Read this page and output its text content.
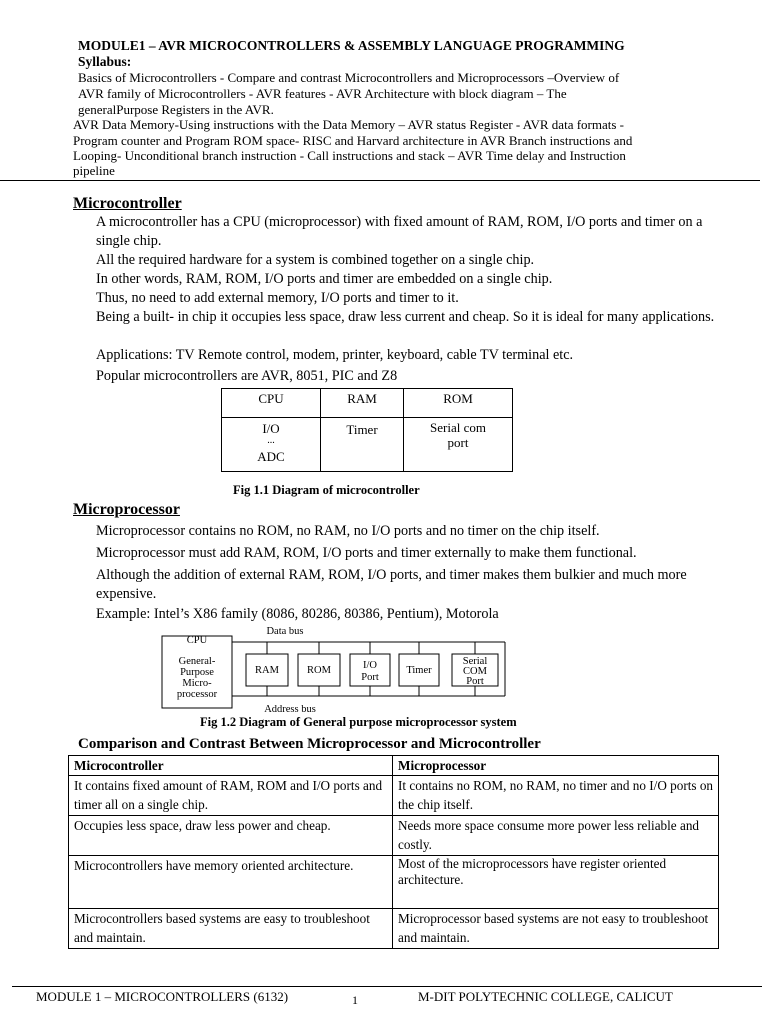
MODULE1 – AVR MICROCONTROLLERS & ASSEMBLY LANGUAGE PROGRAMMING
Syllabus:
Basics of Microcontrollers - Compare and contrast Microcontrollers and Microprocessors –Overview of
AVR family of Microcontrollers - AVR features - AVR Architecture with block diagram – The
generalPurpose Registers in the AVR.
AVR Data Memory-Using instructions with the Data Memory – AVR status Register - AVR data formats -
Program counter and Program ROM space- RISC and Harvard architecture in AVR Branch instructions and
Looping- Unconditional branch instruction - Call instructions and stack – AVR Time delay and Instruction
pipeline
Microcontroller
A microcontroller has a CPU (microprocessor) with fixed amount of RAM, ROM, I/O ports and timer on a single chip.
All the required hardware for a system is combined together on a single chip.
In other words, RAM, ROM, I/O ports and timer are embedded on a single chip.
Thus, no need to add external memory, I/O ports and timer to it.
Being a built- in chip it occupies less space, draw less current and cheap. So it is ideal for many applications.
Applications: TV Remote control, modem, printer, keyboard, cable TV terminal etc.
Popular microcontrollers are AVR, 8051, PIC and Z8
CPU	RAM	ROM

I/O
...
ADC	Timer	Serial com port
Fig 1.1 Diagram of microcontroller
Microprocessor
Microprocessor contains no ROM, no RAM, no I/O ports and no timer on the chip itself.
Microprocessor must add RAM, ROM, I/O ports and timer externally to make them functional.
Although the addition of external RAM, ROM, I/O ports, and timer makes them bulkier and much more expensive.
Example: Intel’s X86 family (8086, 80286, 80386, Pentium), Motorola
CPU
General-
Purpose
Micro-
processor
Data bus
Address bus
RAM	ROM	I/O
Port
Timer
Serial
COM
Port
Fig 1.2 Diagram of General purpose microprocessor system
Comparison and Contrast Between Microprocessor and Microcontroller
Microcontroller	Microprocessor
It contains fixed amount of RAM, ROM and I/O ports and timer all on a single chip.	It contains no ROM, no RAM, no timer and no I/O ports on the chip itself.
Occupies less space, draw less power and cheap.	Needs more space consume more power less reliable and costly.
Microcontrollers have memory oriented architecture.	Most of the microprocessors have register oriented
architecture.
Microcontrollers based systems are easy to troubleshoot and maintain.	Microprocessor based systems are not easy to troubleshoot and maintain.
MODULE 1 – MICROCONTROLLERS (6132)	1	M-DIT POLYTECHNIC COLLEGE, CALICUT
